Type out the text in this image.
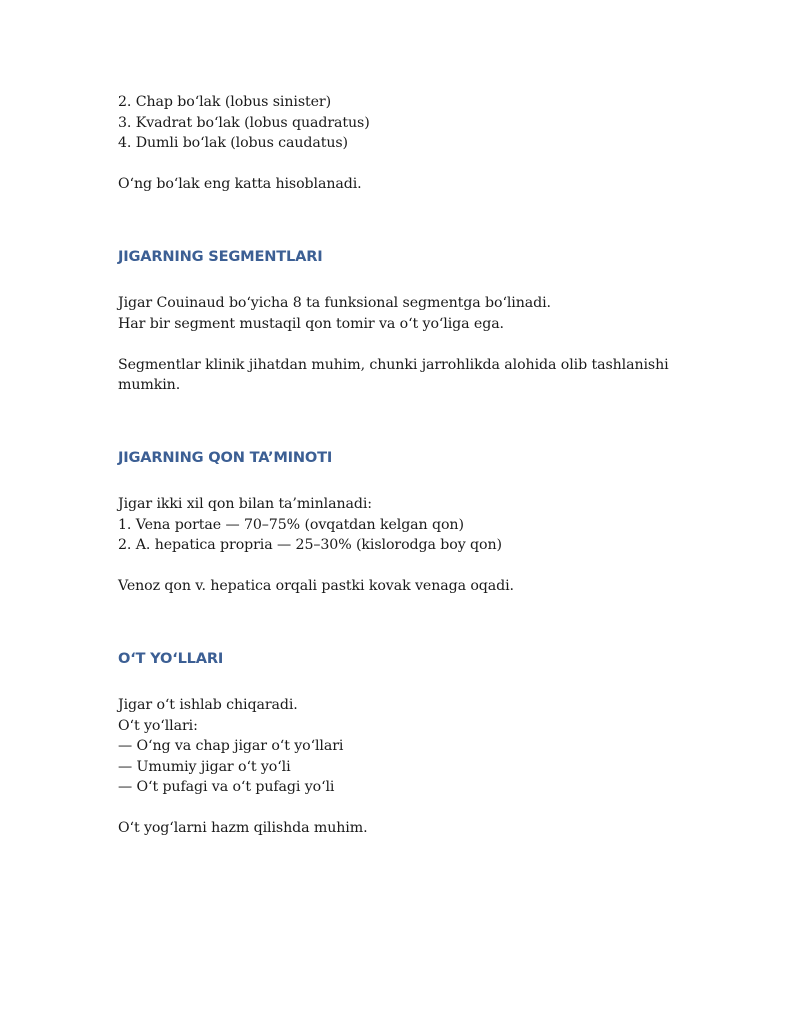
2. Chap bo‘lak (lobus sinister)
3. Kvadrat bo‘lak (lobus quadratus)
4. Dumli bo‘lak (lobus caudatus)
O‘ng bo‘lak eng katta hisoblanadi.
JIGARNING SEGMENTLARI
Jigar Couinaud bo‘yicha 8 ta funksional segmentga bo‘linadi.
Har bir segment mustaqil qon tomir va o‘t yo‘liga ega.
Segmentlar klinik jihatdan muhim, chunki jarrohlikda alohida olib tashlanishi
mumkin.
JIGARNING QON TA’MINOTI
Jigar ikki xil qon bilan ta’minlanadi:
1. Vena portae — 70–75% (ovqatdan kelgan qon)
2. A. hepatica propria — 25–30% (kislorodga boy qon)
Venoz qon v. hepatica orqali pastki kovak venaga oqadi.
O‘T YO‘LLARI
Jigar o‘t ishlab chiqaradi.
O‘t yo‘llari:
— O‘ng va chap jigar o‘t yo‘llari
— Umumiy jigar o‘t yo‘li
— O‘t pufagi va o‘t pufagi yo‘li
O‘t yog‘larni hazm qilishda muhim.
